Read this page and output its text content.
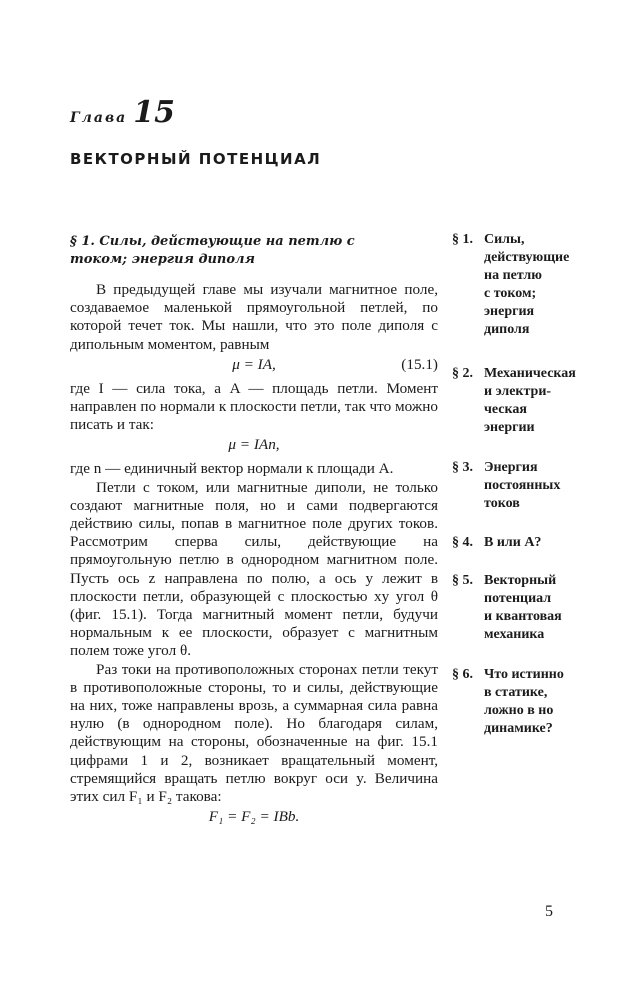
Глава 15
ВЕКТОРНЫЙ ПОТЕНЦИАЛ
§ 1. Силы, действующие на петлю с током; энергия диполя

В предыдущей главе мы изучали магнитное поле, создаваемое маленькой прямоугольной петлей, по которой течет ток. Мы нашли, что это поле диполя с дипольным моментом, равным

μ = IA,	(15.1)

где I — сила тока, а A — площадь петли. Момент направлен по нормали к плоскости петли, так что можно писать и так:

μ = IAn,

где n — единичный вектор нормали к площади A.

Петли с током, или магнитные диполи, не только создают магнитные поля, но и сами подвергаются действию силы, попав в магнитное поле других токов. Рассмотрим сперва силы, действующие на прямоугольную петлю в однородном магнитном поле. Пусть ось z направлена по полю, а ось y лежит в плоскости петли, образующей с плоскостью xy угол θ (фиг. 15.1). Тогда магнитный момент петли, будучи нормальным к ее плоскости, образует с магнитным полем тоже угол θ.

Раз токи на противоположных сторонах петли текут в противоположные стороны, то и силы, действующие на них, тоже направлены врозь, а суммарная сила равна нулю (в однородном поле). Но благодаря силам, действующим на стороны, обозначенные на фиг. 15.1 цифрами 1 и 2, возникает вращательный момент, стремящийся вращать петлю вокруг оси y. Величина этих сил F₁ и F₂ такова:

F₁ = F₂ = IBb.
§ 1. Силы,
действующие
на петлю
с током;
энергия
диполя
§ 2. Механическая
и электри-
ческая
энергии
§ 3. Энергия
постоянных
токов
§ 4. B или A?
§ 5. Векторный
потенциал
и квантовая
механика
§ 6. Что истинно
в статике,
ложно в но
динамике?
5
